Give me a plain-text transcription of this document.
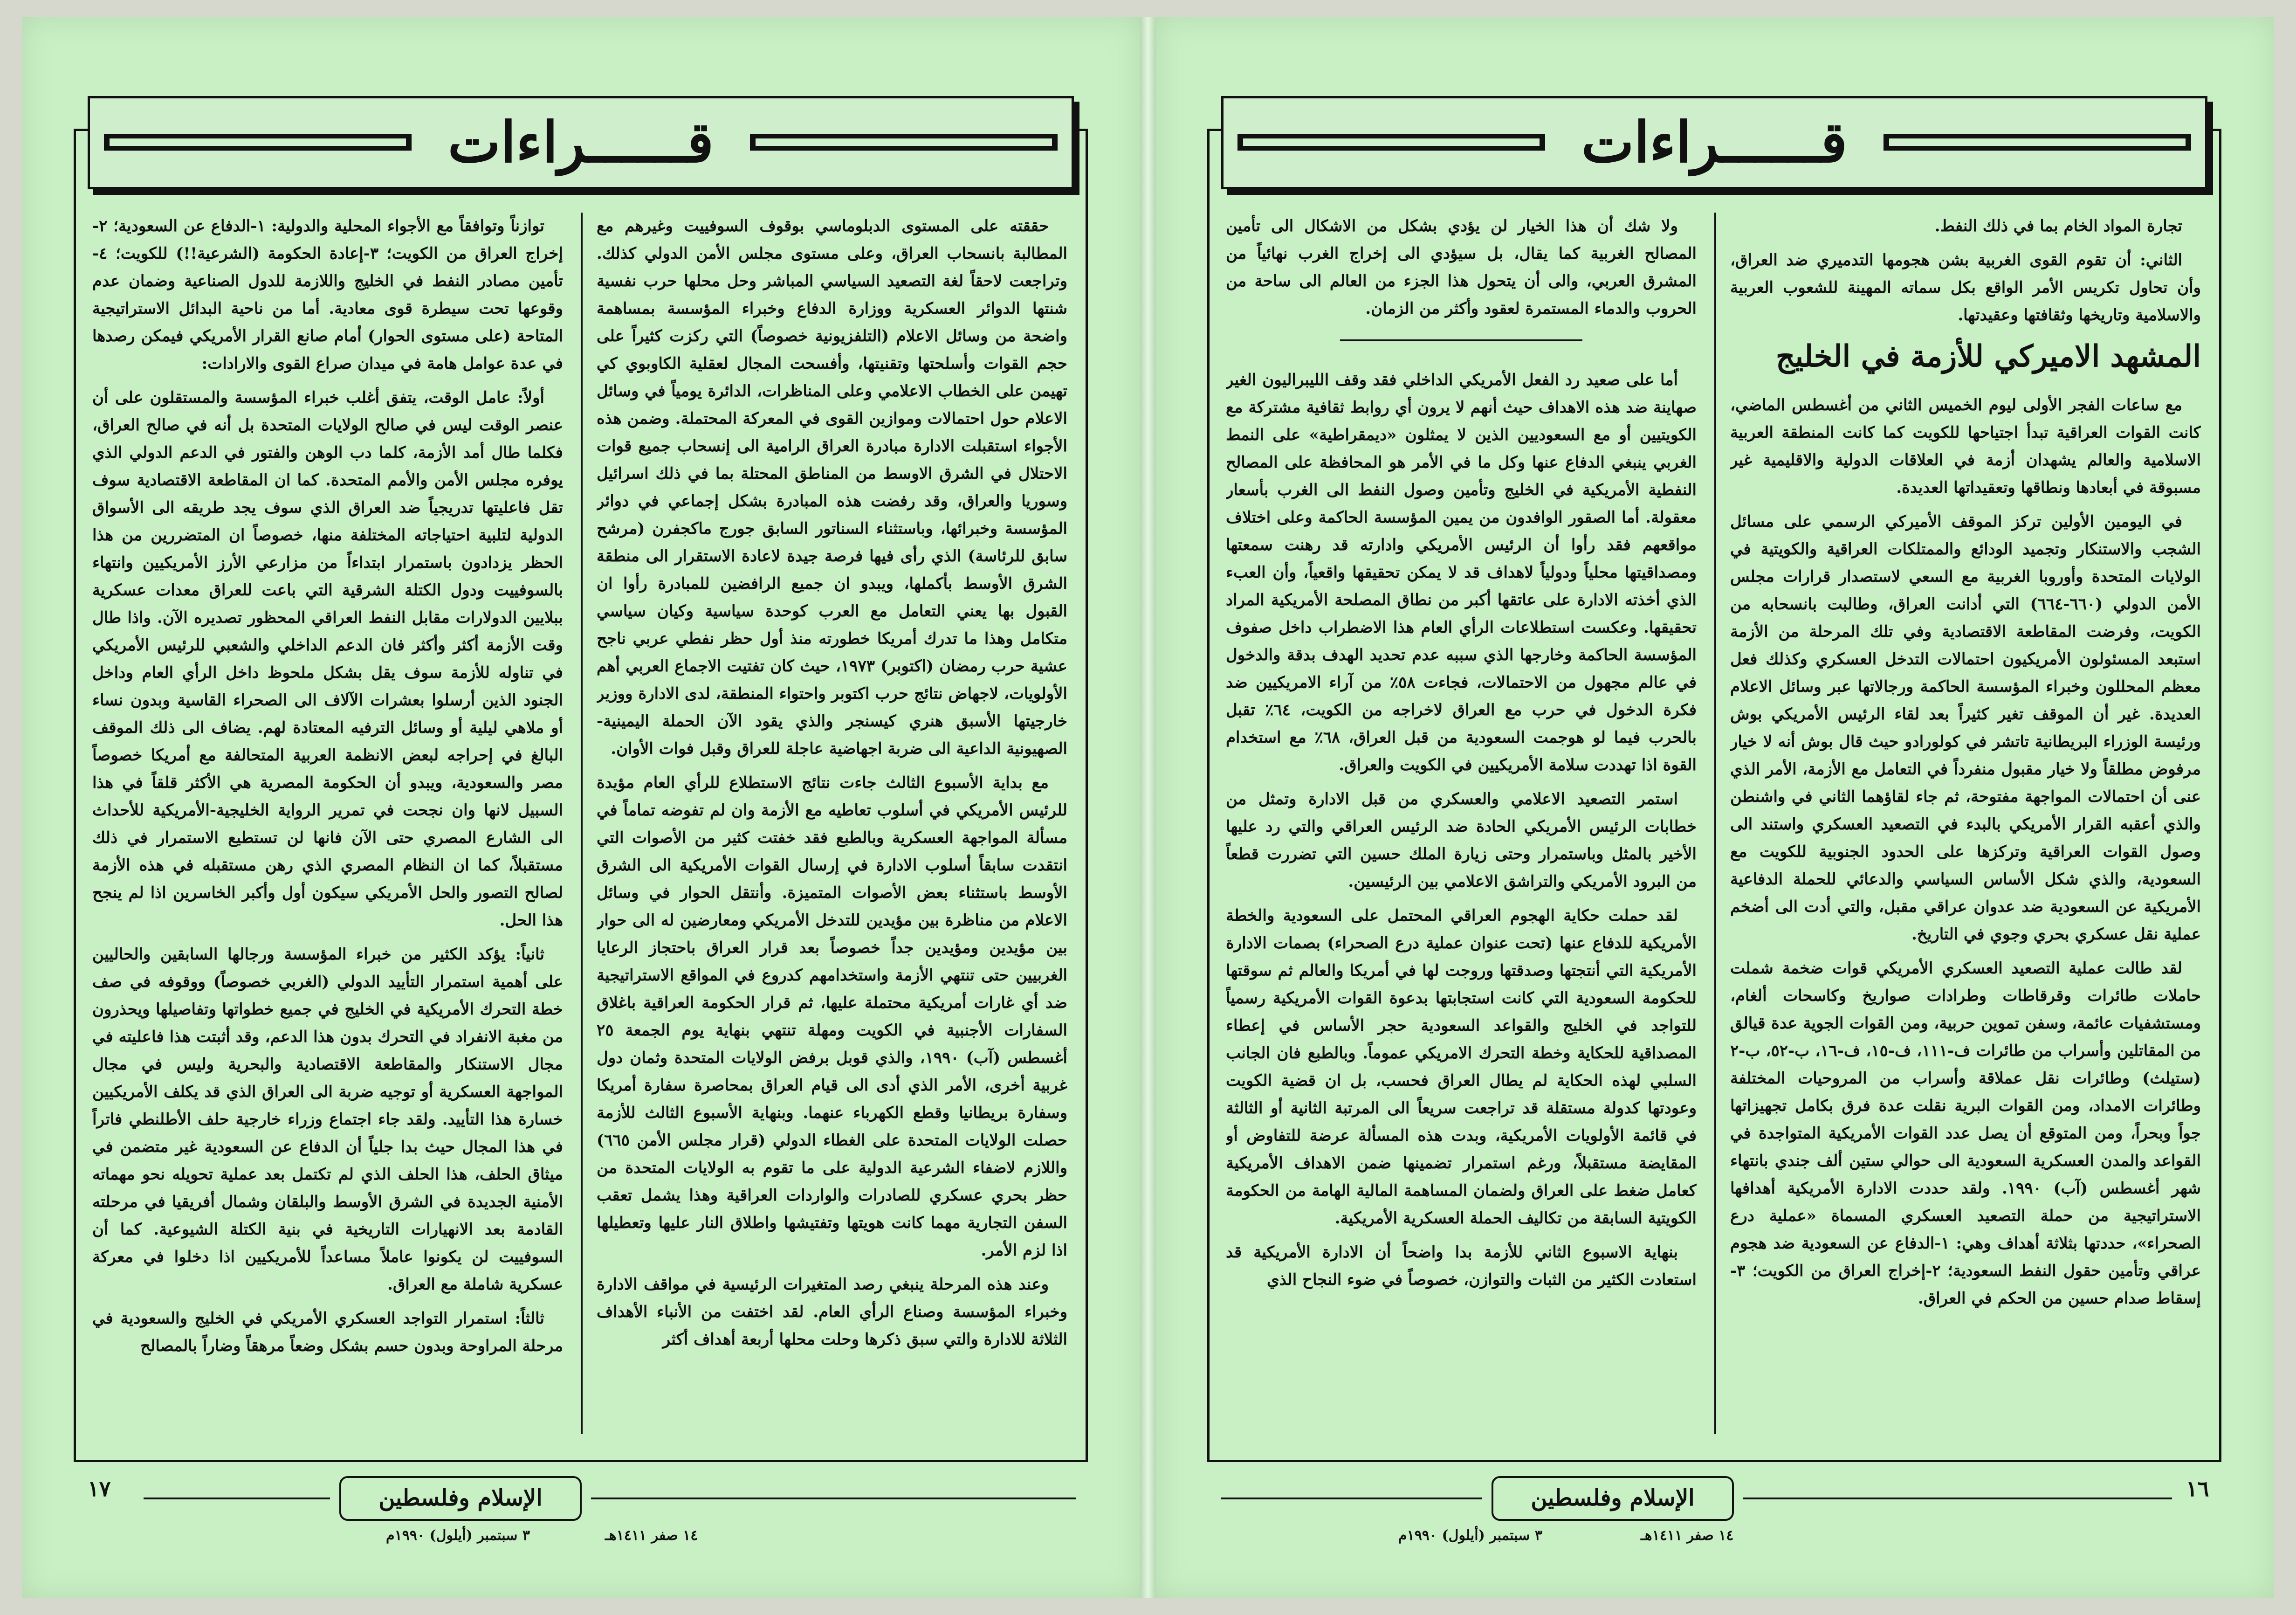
قــــــراءات

حققته على المستوى الدبلوماسي بوقوف السوفييت وغيرهم مع المطالبة بانسحاب العراق، وعلى مستوى مجلس الأمن الدولي كذلك. وتراجعت لاحقاً لغة التصعيد السياسي المباشر وحل محلها حرب نفسية شنتها الدوائر العسكرية ووزارة الدفاع وخبراء المؤسسة بمساهمة واضحة من وسائل الاعلام (التلفزيونية خصوصاً) التي ركزت كثيراً على حجم القوات وأسلحتها وتقنيتها، وأفسحت المجال لعقلية الكاوبوي كي تهيمن على الخطاب الاعلامي وعلى المناظرات، الدائرة يومياً في وسائل الاعلام حول احتمالات وموازين القوى في المعركة المحتملة. وضمن هذه الأجواء استقبلت الادارة مبادرة العراق الرامية الى إنسحاب جميع قوات الاحتلال في الشرق الاوسط من المناطق المحتلة بما في ذلك اسرائيل وسوريا والعراق، وقد رفضت هذه المبادرة بشكل إجماعي في دوائر المؤسسة وخبرائها، وباستثناء السناتور السابق جورج ماكجفرن (مرشح سابق للرئاسة) الذي رأى فيها فرصة جيدة لاعادة الاستقرار الى منطقة الشرق الأوسط بأكملها، ويبدو ان جميع الرافضين للمبادرة رأوا ان القبول بها يعني التعامل مع العرب كوحدة سياسية وكيان سياسي متكامل وهذا ما تدرك أمريكا خطورته منذ أول حظر نفطي عربي ناجح عشية حرب رمضان (اكتوبر) ١٩٧٣، حيث كان تفتيت الاجماع العربي أهم الأولويات، لاجهاض نتائج حرب اكتوبر واحتواء المنطقة، لدى الادارة ووزير خارجيتها الأسبق هنري كيسنجر والذي يقود الآن الحملة اليمينية-الصهيونية الداعية الى ضربة اجهاضية عاجلة للعراق وقبل فوات الأوان.

مع بداية الأسبوع الثالث جاءت نتائج الاستطلاع للرأي العام مؤيدة للرئيس الأمريكي في أسلوب تعاطيه مع الأزمة وان لم تفوضه تماماً في مسألة المواجهة العسكرية وبالطبع فقد خفتت كثير من الأصوات التي انتقدت سابقاً أسلوب الادارة في إرسال القوات الأمريكية الى الشرق الأوسط باستثناء بعض الأصوات المتميزة. وأنتقل الحوار في وسائل الاعلام من مناظرة بين مؤيدين للتدخل الأمريكي ومعارضين له الى حوار بين مؤيدين ومؤيدين جداً خصوصاً بعد قرار العراق باحتجاز الرعايا الغربيين حتى تنتهي الأزمة واستخدامهم كدروع في المواقع الاستراتيجية ضد أي غارات أمريكية محتملة عليها، ثم قرار الحكومة العراقية باغلاق السفارات الأجنبية في الكويت ومهلة تنتهي بنهاية يوم الجمعة ٢٥ أغسطس (آب) ١٩٩٠، والذي قوبل برفض الولايات المتحدة وثمان دول غربية أخرى، الأمر الذي أدى الى قيام العراق بمحاصرة سفارة أمريكا وسفارة بريطانيا وقطع الكهرباء عنهما. وبنهاية الأسبوع الثالث للأزمة حصلت الولايات المتحدة على الغطاء الدولي (قرار مجلس الأمن ٦٦٥) واللازم لاضفاء الشرعية الدولية على ما تقوم به الولايات المتحدة من حظر بحري عسكري للصادرات والواردات العراقية وهذا يشمل تعقب السفن التجارية مهما كانت هويتها وتفتيشها واطلاق النار عليها وتعطيلها اذا لزم الأمر.

وعند هذه المرحلة ينبغي رصد المتغيرات الرئيسية في مواقف الادارة وخبراء المؤسسة وصناع الرأي العام. لقد اختفت من الأنباء الأهداف الثلاثة للادارة والتي سبق ذكرها وحلت محلها أربعة أهداف أكثر

توازناً وتوافقاً مع الأجواء المحلية والدولية: ١-الدفاع عن السعودية؛ ٢-إخراج العراق من الكويت؛ ٣-إعادة الحكومة (الشرعية!!) للكويت؛ ٤-تأمين مصادر النفط في الخليج واللازمة للدول الصناعية وضمان عدم وقوعها تحت سيطرة قوى معادية. أما من ناحية البدائل الاستراتيجية المتاحة (على مستوى الحوار) أمام صانع القرار الأمريكي فيمكن رصدها في عدة عوامل هامة في ميدان صراع القوى والارادات:

أولاً: عامل الوقت، يتفق أغلب خبراء المؤسسة والمستقلون على أن عنصر الوقت ليس في صالح الولايات المتحدة بل أنه في صالح العراق، فكلما طال أمد الأزمة، كلما دب الوهن والفتور في الدعم الدولي الذي يوفره مجلس الأمن والأمم المتحدة. كما ان المقاطعة الاقتصادية سوف تقل فاعليتها تدريجياً ضد العراق الذي سوف يجد طريقه الى الأسواق الدولية لتلبية احتياجاته المختلفة منها، خصوصاً ان المتضررين من هذا الحظر يزدادون باستمرار ابتداءاً من مزارعي الأرز الأمريكيين وانتهاء بالسوفييت ودول الكتلة الشرقية التي باعت للعراق معدات عسكرية ببلايين الدولارات مقابل النفط العراقي المحظور تصديره الآن. واذا طال وقت الأزمة أكثر وأكثر فان الدعم الداخلي والشعبي للرئيس الأمريكي في تناوله للأزمة سوف يقل بشكل ملحوظ داخل الرأي العام وداخل الجنود الذين أرسلوا بعشرات الآلاف الى الصحراء القاسية وبدون نساء أو ملاهي ليلية أو وسائل الترفيه المعتادة لهم. يضاف الى ذلك الموقف البالغ في إحراجه لبعض الانظمة العربية المتحالفة مع أمريكا خصوصاً مصر والسعودية، ويبدو أن الحكومة المصرية هي الأكثر قلقاً في هذا السبيل لانها وان نجحت في تمرير الرواية الخليجية-الأمريكية للأحداث الى الشارع المصري حتى الآن فانها لن تستطيع الاستمرار في ذلك مستقبلاً، كما ان النظام المصري الذي رهن مستقبله في هذه الأزمة لصالح التصور والحل الأمريكي سيكون أول وأكبر الخاسرين اذا لم ينجح هذا الحل.

ثانياً: يؤكد الكثير من خبراء المؤسسة ورجالها السابقين والحاليين على أهمية استمرار التأييد الدولي (الغربي خصوصاً) ووقوفه في صف خطة التحرك الأمريكية في الخليج في جميع خطواتها وتفاصيلها ويحذرون من مغبة الانفراد في التحرك بدون هذا الدعم، وقد أثبتت هذا فاعليته في مجال الاستنكار والمقاطعة الاقتصادية والبحرية وليس في مجال المواجهة العسكرية أو توجيه ضربة الى العراق الذي قد يكلف الأمريكيين خسارة هذا التأييد. ولقد جاء اجتماع وزراء خارجية حلف الأطلنطي فاتراً في هذا المجال حيث بدا جلياً أن الدفاع عن السعودية غير متضمن في ميثاق الحلف، هذا الحلف الذي لم تكتمل بعد عملية تحويله نحو مهماته الأمنية الجديدة في الشرق الأوسط والبلقان وشمال أفريقيا في مرحلته القادمة بعد الانهيارات التاريخية في بنية الكتلة الشيوعية. كما أن السوفييت لن يكونوا عاملاً مساعداً للأمريكيين اذا دخلوا في معركة عسكرية شاملة مع العراق.

ثالثاً: استمرار التواجد العسكري الأمريكي في الخليج والسعودية في مرحلة المراوحة وبدون حسم بشكل وضعاً مرهقاً وضاراً بالمصالح

١٧	الإسلام وفلسطين
٣ سبتمبر (أيلول) ١٩٩٠م	١٤ صفر ١٤١١هـ
قــــــراءات

تجارة المواد الخام بما في ذلك النفط.

الثاني: أن تقوم القوى الغربية بشن هجومها التدميري ضد العراق، وأن تحاول تكريس الأمر الواقع بكل سماته المهينة للشعوب العربية والاسلامية وتاريخها وثقافتها وعقيدتها.

المشهد الاميركي للأزمة في الخليج

مع ساعات الفجر الأولى ليوم الخميس الثاني من أغسطس الماضي، كانت القوات العراقية تبدأ اجتياحها للكويت كما كانت المنطقة العربية الاسلامية والعالم يشهدان أزمة في العلاقات الدولية والاقليمية غير مسبوقة في أبعادها ونطاقها وتعقيداتها العديدة.

في اليومين الأولين تركز الموقف الأميركي الرسمي على مسائل الشجب والاستنكار وتجميد الودائع والممتلكات العراقية والكويتية في الولايات المتحدة وأوروبا الغربية مع السعي لاستصدار قرارات مجلس الأمن الدولي (٦٦٠-٦٦٤) التي أدانت العراق، وطالبت بانسحابه من الكويت، وفرضت المقاطعة الاقتصادية وفي تلك المرحلة من الأزمة استبعد المسئولون الأمريكيون احتمالات التدخل العسكري وكذلك فعل معظم المحللون وخبراء المؤسسة الحاكمة ورجالاتها عبر وسائل الاعلام العديدة. غير أن الموقف تغير كثيراً بعد لقاء الرئيس الأمريكي بوش ورئيسة الوزراء البريطانية تاتشر في كولورادو حيث قال بوش أنه لا خيار مرفوض مطلقاً ولا خيار مقبول منفرداً في التعامل مع الأزمة، الأمر الذي عنى أن احتمالات المواجهة مفتوحة، ثم جاء لقاؤهما الثاني في واشنطن والذي أعقبه القرار الأمريكي بالبدء في التصعيد العسكري واستند الى وصول القوات العراقية وتركزها على الحدود الجنوبية للكويت مع السعودية، والذي شكل الأساس السياسي والدعائي للحملة الدفاعية الأمريكية عن السعودية ضد عدوان عراقي مقبل، والتي أدت الى أضخم عملية نقل عسكري بحري وجوي في التاريخ.

لقد طالت عملية التصعيد العسكري الأمريكي قوات ضخمة شملت حاملات طائرات وقرقاطات وطرادات صواريخ وكاسحات ألغام، ومستشفيات عائمة، وسفن تموين حربية، ومن القوات الجوية عدة قيالق من المقاتلين وأسراب من طائرات ف-١١١، ف-١٥، ف-١٦، ب-٥٢، ب-٢ (ستيلث) وطائرات نقل عملاقة وأسراب من المروحيات المختلفة وطائرات الامداد، ومن القوات البرية نقلت عدة فرق بكامل تجهيزاتها جواً وبحراً، ومن المتوقع أن يصل عدد القوات الأمريكية المتواجدة في القواعد والمدن العسكرية السعودية الى حوالي ستين ألف جندي بانتهاء شهر أغسطس (آب) ١٩٩٠. ولقد حددت الادارة الأمريكية أهدافها الاستراتيجية من حملة التصعيد العسكري المسماة «عملية درع الصحراء»، حددتها بثلاثة أهداف وهي: ١-الدفاع عن السعودية ضد هجوم عراقي وتأمين حقول النفط السعودية؛ ٢-إخراج العراق من الكويت؛ ٣-إسقاط صدام حسين من الحكم في العراق.

ولا شك أن هذا الخيار لن يؤدي بشكل من الاشكال الى تأمين المصالح الغربية كما يقال، بل سيؤدي الى إخراج الغرب نهائياً من المشرق العربي، والى أن يتحول هذا الجزء من العالم الى ساحة من الحروب والدماء المستمرة لعقود وأكثر من الزمان.

أما على صعيد رد الفعل الأمريكي الداخلي فقد وقف الليبراليون الغير صهاينة ضد هذه الاهداف حيث أنهم لا يرون أي روابط ثقافية مشتركة مع الكويتيين أو مع السعوديين الذين لا يمثلون «ديمقراطية» على النمط الغربي ينبغي الدفاع عنها وكل ما في الأمر هو المحافظة على المصالح النفطية الأمريكية في الخليج وتأمين وصول النفط الى الغرب بأسعار معقولة. أما الصقور الوافدون من يمين المؤسسة الحاكمة وعلى اختلاف مواقعهم فقد رأوا أن الرئيس الأمريكي وادارته قد رهنت سمعتها ومصداقيتها محلياً ودولياً لاهداف قد لا يمكن تحقيقها واقعياً، وأن العبء الذي أخذته الادارة على عاتقها أكبر من نطاق المصلحة الأمريكية المراد تحقيقها. وعكست استطلاعات الرأي العام هذا الاضطراب داخل صفوف المؤسسة الحاكمة وخارجها الذي سببه عدم تحديد الهدف بدقة والدخول في عالم مجهول من الاحتمالات، فجاءت ٥٨٪ من آراء الامريكيين ضد فكرة الدخول في حرب مع العراق لاخراجه من الكويت، ٦٤٪ تقبل بالحرب فيما لو هوجمت السعودية من قبل العراق، ٦٨٪ مع استخدام القوة اذا تهددت سلامة الأمريكيين في الكويت والعراق.

استمر التصعيد الاعلامي والعسكري من قبل الادارة وتمثل من خطابات الرئيس الأمريكي الحادة ضد الرئيس العراقي والتي رد عليها الأخير بالمثل وباستمرار وحتى زيارة الملك حسين التي تضررت قطعاً من البرود الأمريكي والتراشق الاعلامي بين الرئيسين.

لقد حملت حكاية الهجوم العراقي المحتمل على السعودية والخطة الأمريكية للدفاع عنها (تحت عنوان عملية درع الصحراء) بصمات الادارة الأمريكية التي أنتجتها وصدقتها وروجت لها في أمريكا والعالم ثم سوقتها للحكومة السعودية التي كانت استجابتها بدعوة القوات الأمريكية رسمياً للتواجد في الخليج والقواعد السعودية حجر الأساس في إعطاء المصداقية للحكاية وخطة التحرك الامريكي عموماً. وبالطبع فان الجانب السلبي لهذه الحكاية لم يطال العراق فحسب، بل ان قضية الكويت وعودتها كدولة مستقلة قد تراجعت سريعاً الى المرتبة الثانية أو الثالثة في قائمة الأولويات الأمريكية، وبدت هذه المسألة عرضة للتفاوض أو المقايضة مستقبلاً، ورغم استمرار تضمينها ضمن الاهداف الأمريكية كعامل ضغط على العراق ولضمان المساهمة المالية الهامة من الحكومة الكويتية السابقة من تكاليف الحملة العسكرية الأمريكية.

بنهاية الاسبوع الثاني للأزمة بدا واضحاً أن الادارة الأمريكية قد استعادت الكثير من الثبات والتوازن، خصوصاً في ضوء النجاح الذي

١٦
الإسلام وفلسطين
٣ سبتمبر (أيلول) ١٩٩٠م	١٤ صفر ١٤١١هـ
